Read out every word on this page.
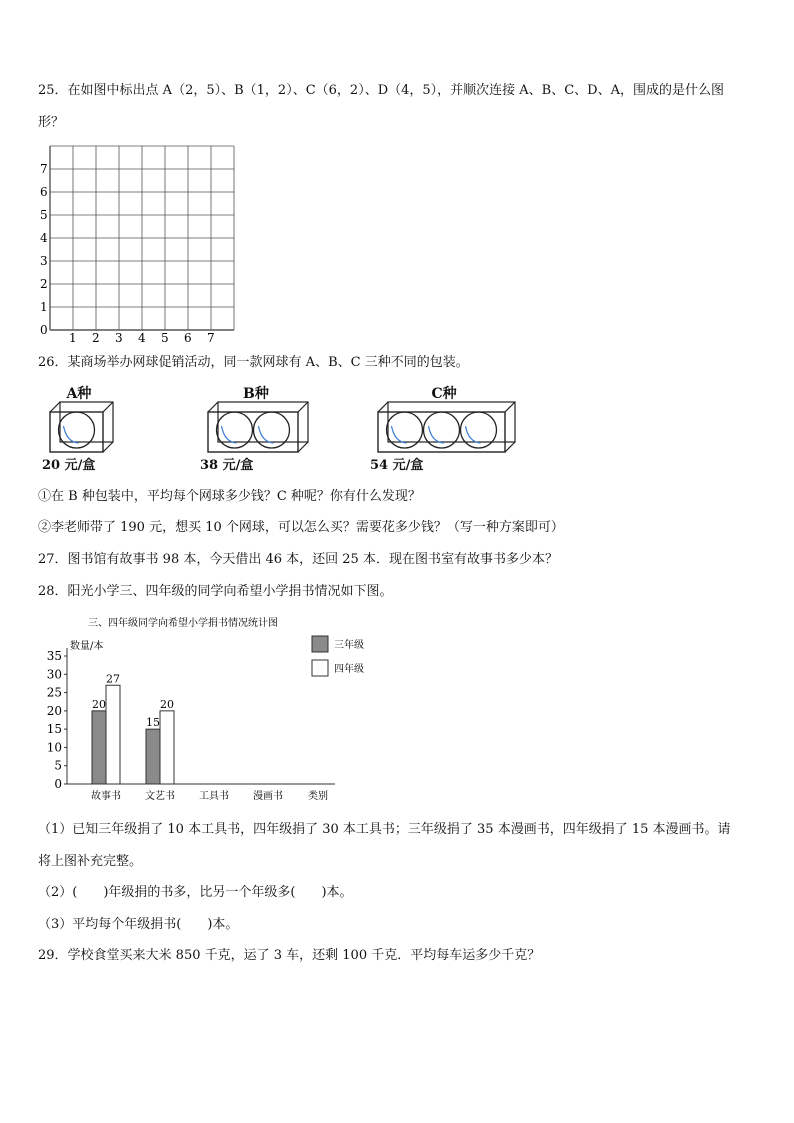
25．在如图中标出点 A（2，5）、B（1，2）、C（6，2）、D（4，5），并顺次连接 A、B、C、D、A，围成的是什么图
形？
1 2 3 4 5 6 7
0
1
2
3
4
5
6
7
26．某商场举办网球促销活动，同一款网球有 A、B、C 三种不同的包装。
A种
20 元/盒
B种
38 元/盒
C种
54 元/盒
①在 B 种包装中，平均每个网球多少钱？C 种呢？你有什么发现？
②李老师带了 190 元，想买 10 个网球，可以怎么买？需要花多少钱？（写一种方案即可）
27．图书馆有故事书 98 本，今天借出 46 本，还回 25 本．现在图书室有故事书多少本？
28．阳光小学三、四年级的同学向希望小学捐书情况如下图。
三、四年级同学向希望小学捐书情况统计图
数量/本
0
5
10
15
20
25
30
35
20
27
15
20
故事书 文艺书 工具书 漫画书	类别
三年级
四年级
（1）已知三年级捐了 10 本工具书，四年级捐了 30 本工具书；三年级捐了 35 本漫画书，四年级捐了 15 本漫画书。请
将上图补充完整。
（2）(　　)年级捐的书多，比另一个年级多(　　)本。
（3）平均每个年级捐书(　　)本。
29．学校食堂买来大米 850 千克，运了 3 车，还剩 100 千克．平均每车运多少千克？
